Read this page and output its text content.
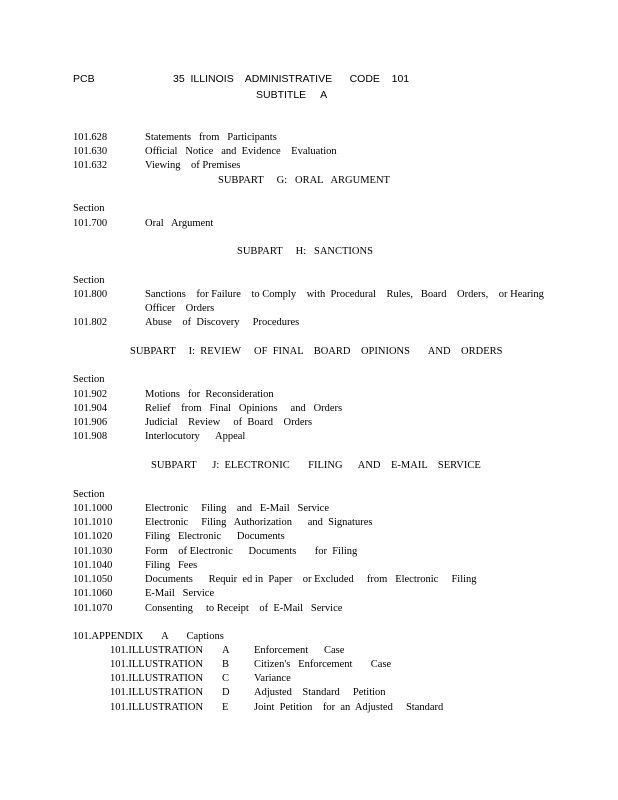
PCB	35  ILLINOIS    ADMINISTRATIVE      CODE    101
SUBTITLE     A
101.628	Statements   from   Participants
101.630	Official   Notice   and  Evidence    Evaluation
101.632	Viewing    of Premises
SUBPART     G:   ORAL   ARGUMENT
Section
101.700	Oral   Argument
SUBPART     H:   SANCTIONS
Section
101.800	Sanctions    for Failure    to Comply    with  Procedural    Rules,   Board    Orders,    or Hearing
Officer    Orders
101.802	Abuse    of  Discovery     Procedures
SUBPART     I:  REVIEW     OF  FINAL    BOARD    OPINIONS       AND    ORDERS
Section
101.902	Motions   for  Reconsideration
101.904	Relief    from   Final   Opinions     and   Orders
101.906	Judicial    Review     of  Board    Orders
101.908	Interlocutory      Appeal
SUBPART      J:  ELECTRONIC       FILING      AND    E-MAIL    SERVICE
Section
101.1000	Electronic     Filing    and   E-Mail   Service
101.1010	Electronic     Filing   Authorization      and  Signatures
101.1020	Filing   Electronic      Documents
101.1030	Form    of Electronic      Documents       for  Filing
101.1040	Filing   Fees
101.1050	Documents      Requir  ed in  Paper    or Excluded     from   Electronic     Filing
101.1060	E-Mail   Service
101.1070	Consenting     to Receipt    of  E-Mail   Service
101.APPENDIX       A       Captions
101.ILLUSTRATION A Enforcement      Case
101.ILLUSTRATION B Citizen's   Enforcement       Case
101.ILLUSTRATION C Variance
101.ILLUSTRATION D Adjusted    Standard     Petition
101.ILLUSTRATION E Joint  Petition    for  an  Adjusted     Standard
